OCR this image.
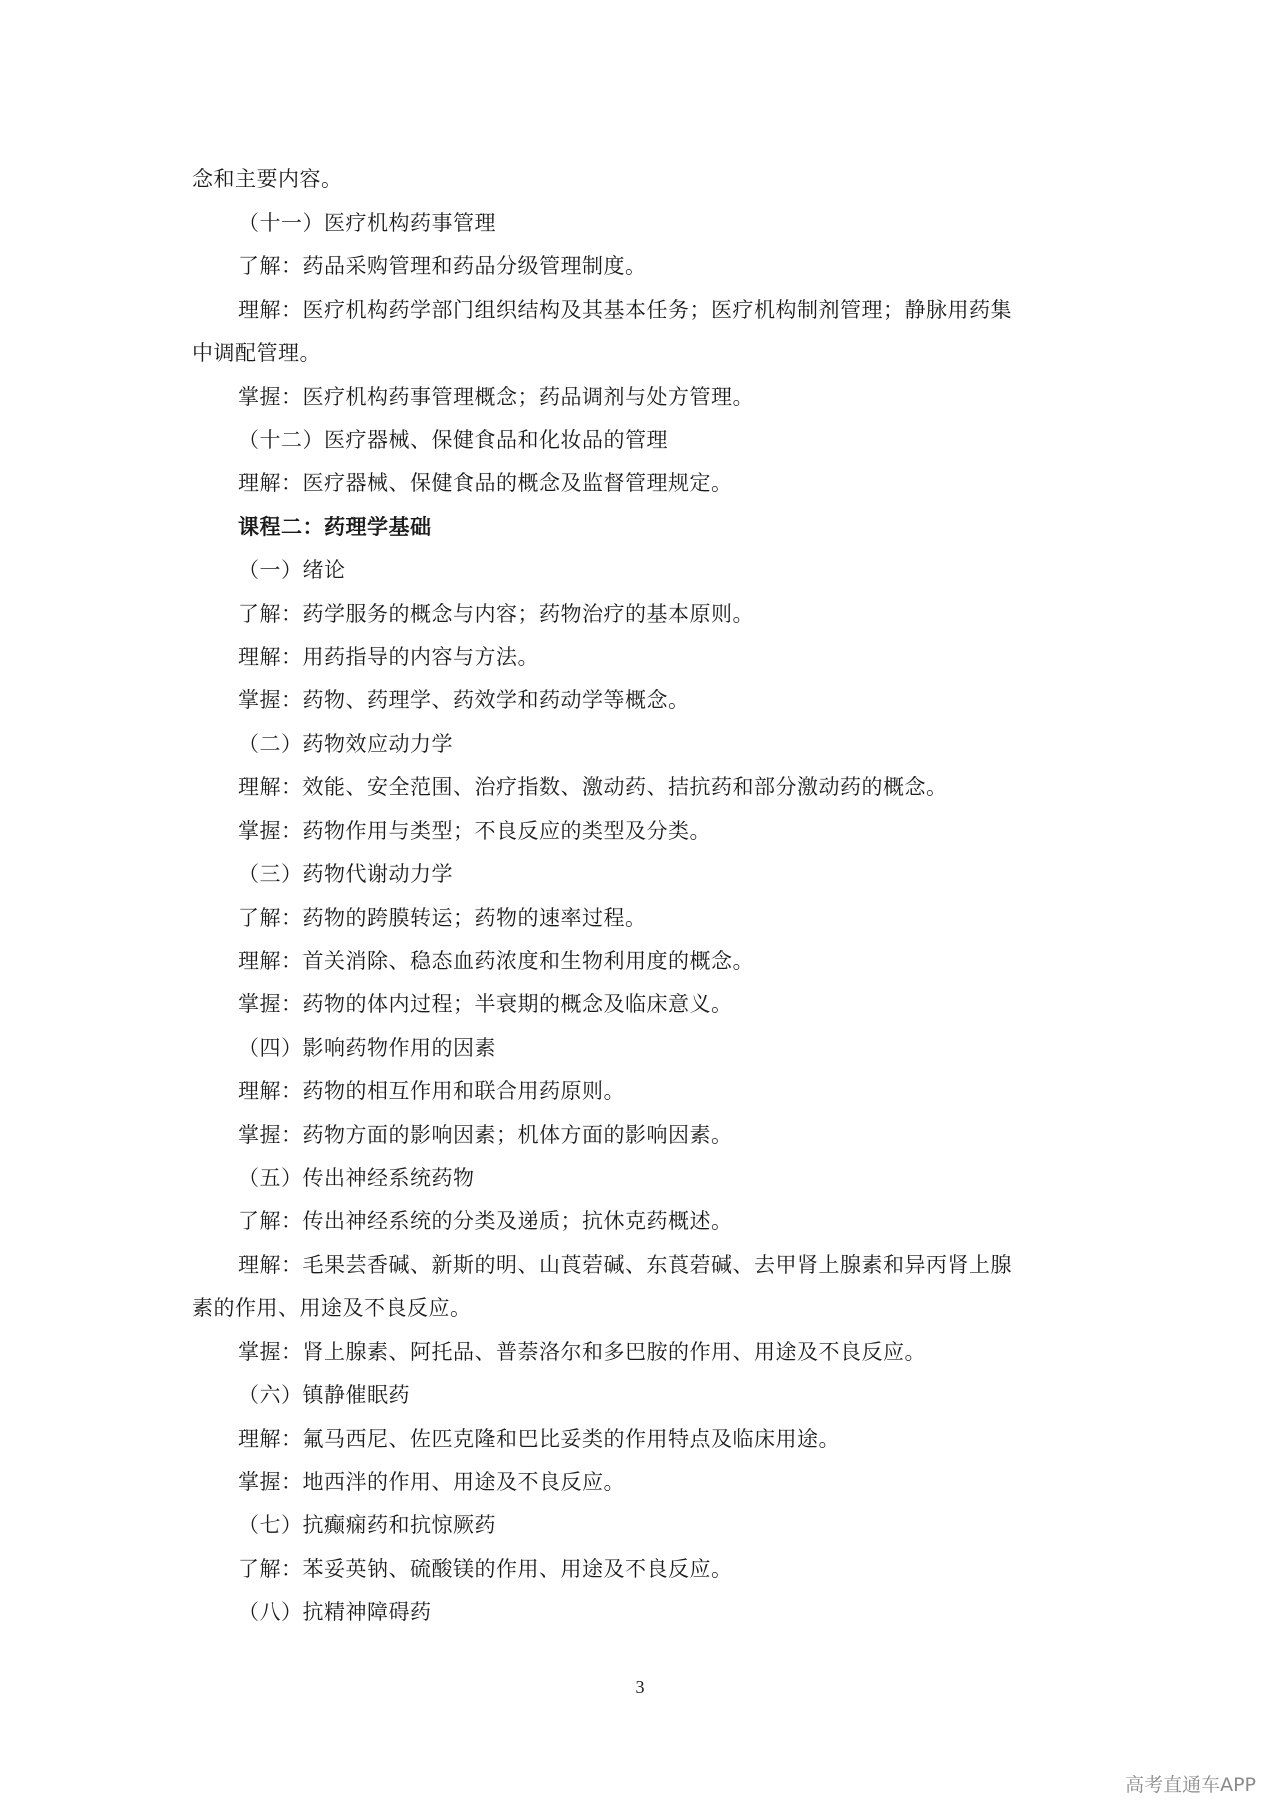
念和主要内容。
（十一）医疗机构药事管理
了解：药品采购管理和药品分级管理制度。
理解：医疗机构药学部门组织结构及其基本任务；医疗机构制剂管理；静脉用药集
中调配管理。
掌握：医疗机构药事管理概念；药品调剂与处方管理。
（十二）医疗器械、保健食品和化妆品的管理
理解：医疗器械、保健食品的概念及监督管理规定。
课程二：药理学基础
（一）绪论
了解：药学服务的概念与内容；药物治疗的基本原则。
理解：用药指导的内容与方法。
掌握：药物、药理学、药效学和药动学等概念。
（二）药物效应动力学
理解：效能、安全范围、治疗指数、激动药、拮抗药和部分激动药的概念。
掌握：药物作用与类型；不良反应的类型及分类。
（三）药物代谢动力学
了解：药物的跨膜转运；药物的速率过程。
理解：首关消除、稳态血药浓度和生物利用度的概念。
掌握：药物的体内过程；半衰期的概念及临床意义。
（四）影响药物作用的因素
理解：药物的相互作用和联合用药原则。
掌握：药物方面的影响因素；机体方面的影响因素。
（五）传出神经系统药物
了解：传出神经系统的分类及递质；抗休克药概述。
理解：毛果芸香碱、新斯的明、山莨菪碱、东莨菪碱、去甲肾上腺素和异丙肾上腺
素的作用、用途及不良反应。
掌握：肾上腺素、阿托品、普萘洛尔和多巴胺的作用、用途及不良反应。
（六）镇静催眠药
理解：氟马西尼、佐匹克隆和巴比妥类的作用特点及临床用途。
掌握：地西泮的作用、用途及不良反应。
（七）抗癫痫药和抗惊厥药
了解：苯妥英钠、硫酸镁的作用、用途及不良反应。
（八）抗精神障碍药
3
高考直通车APP
